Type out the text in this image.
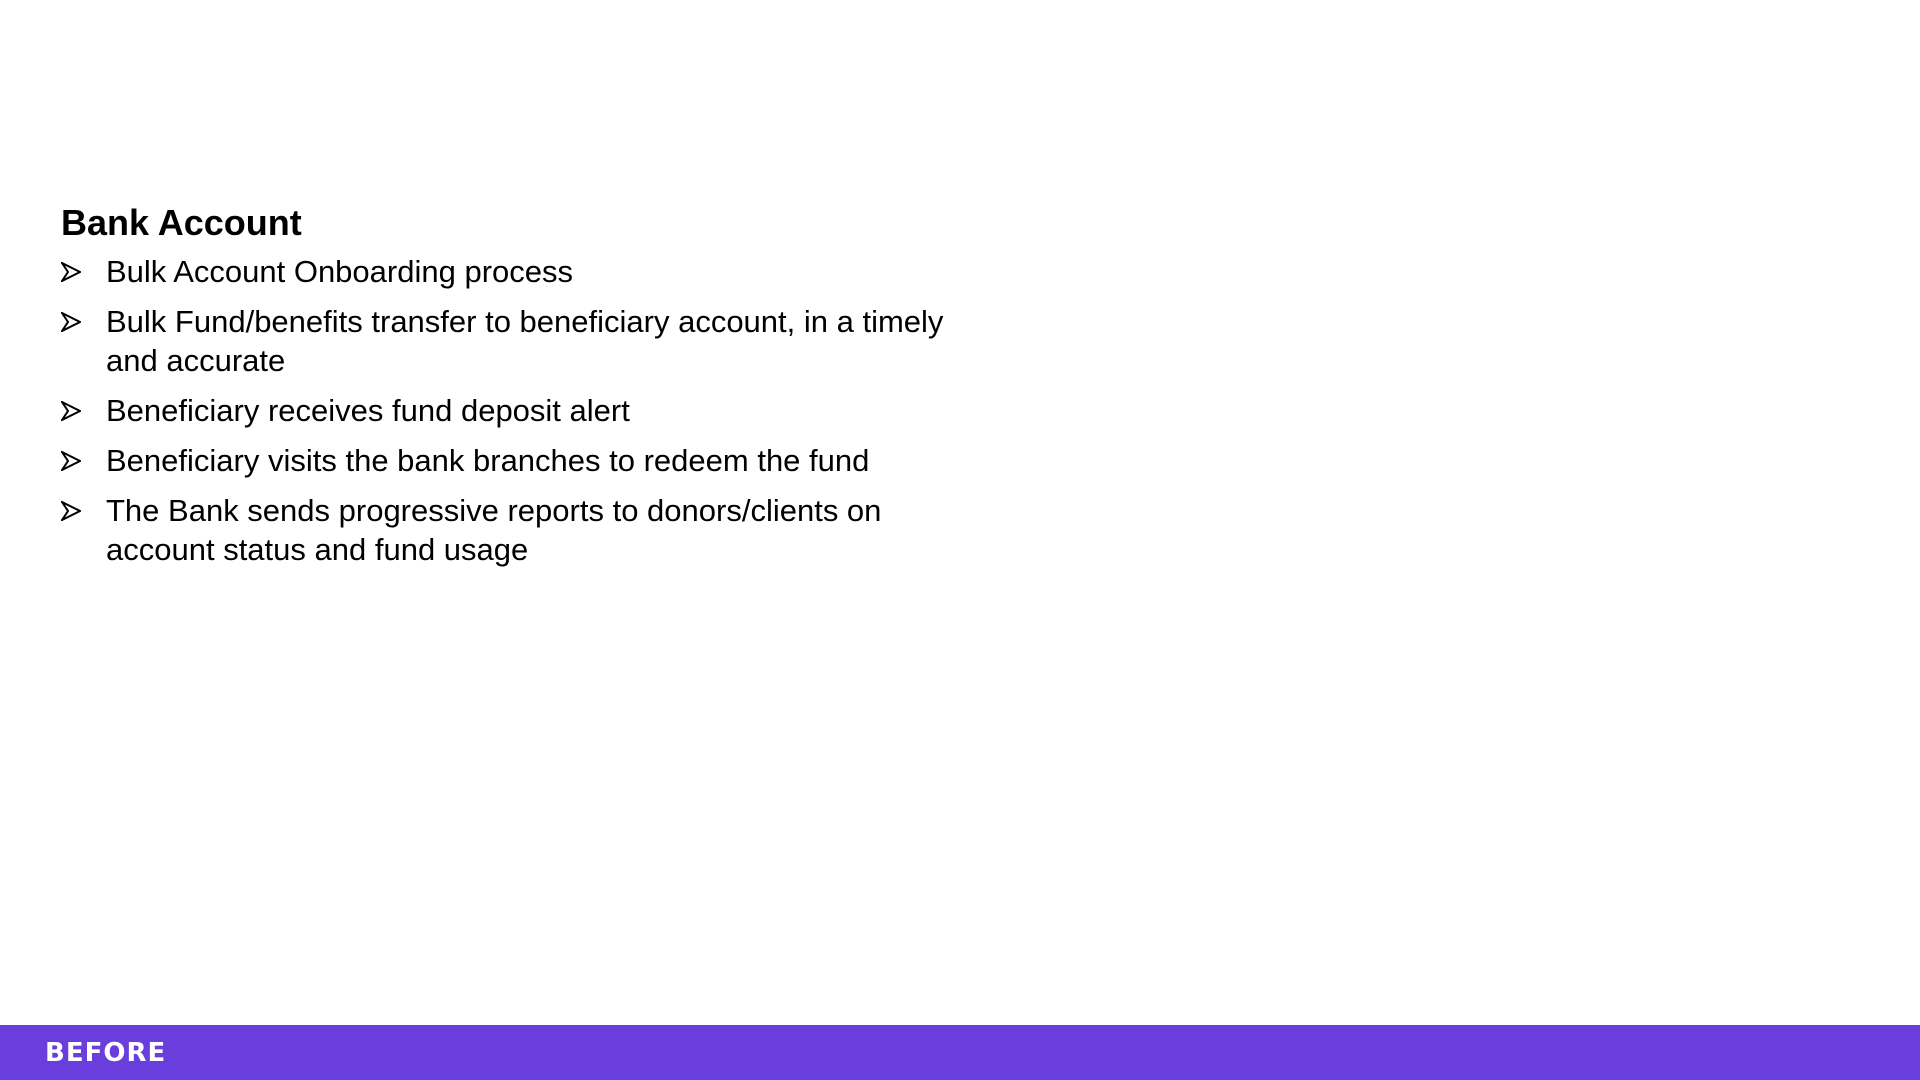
Bank Account
Bulk Account Onboarding process
Bulk Fund/benefits transfer to beneficiary account, in a timely and accurate
Beneficiary receives fund deposit alert
Beneficiary visits the bank branches to redeem the fund
The Bank sends progressive reports to donors/clients on account status and fund usage
BEFORE
